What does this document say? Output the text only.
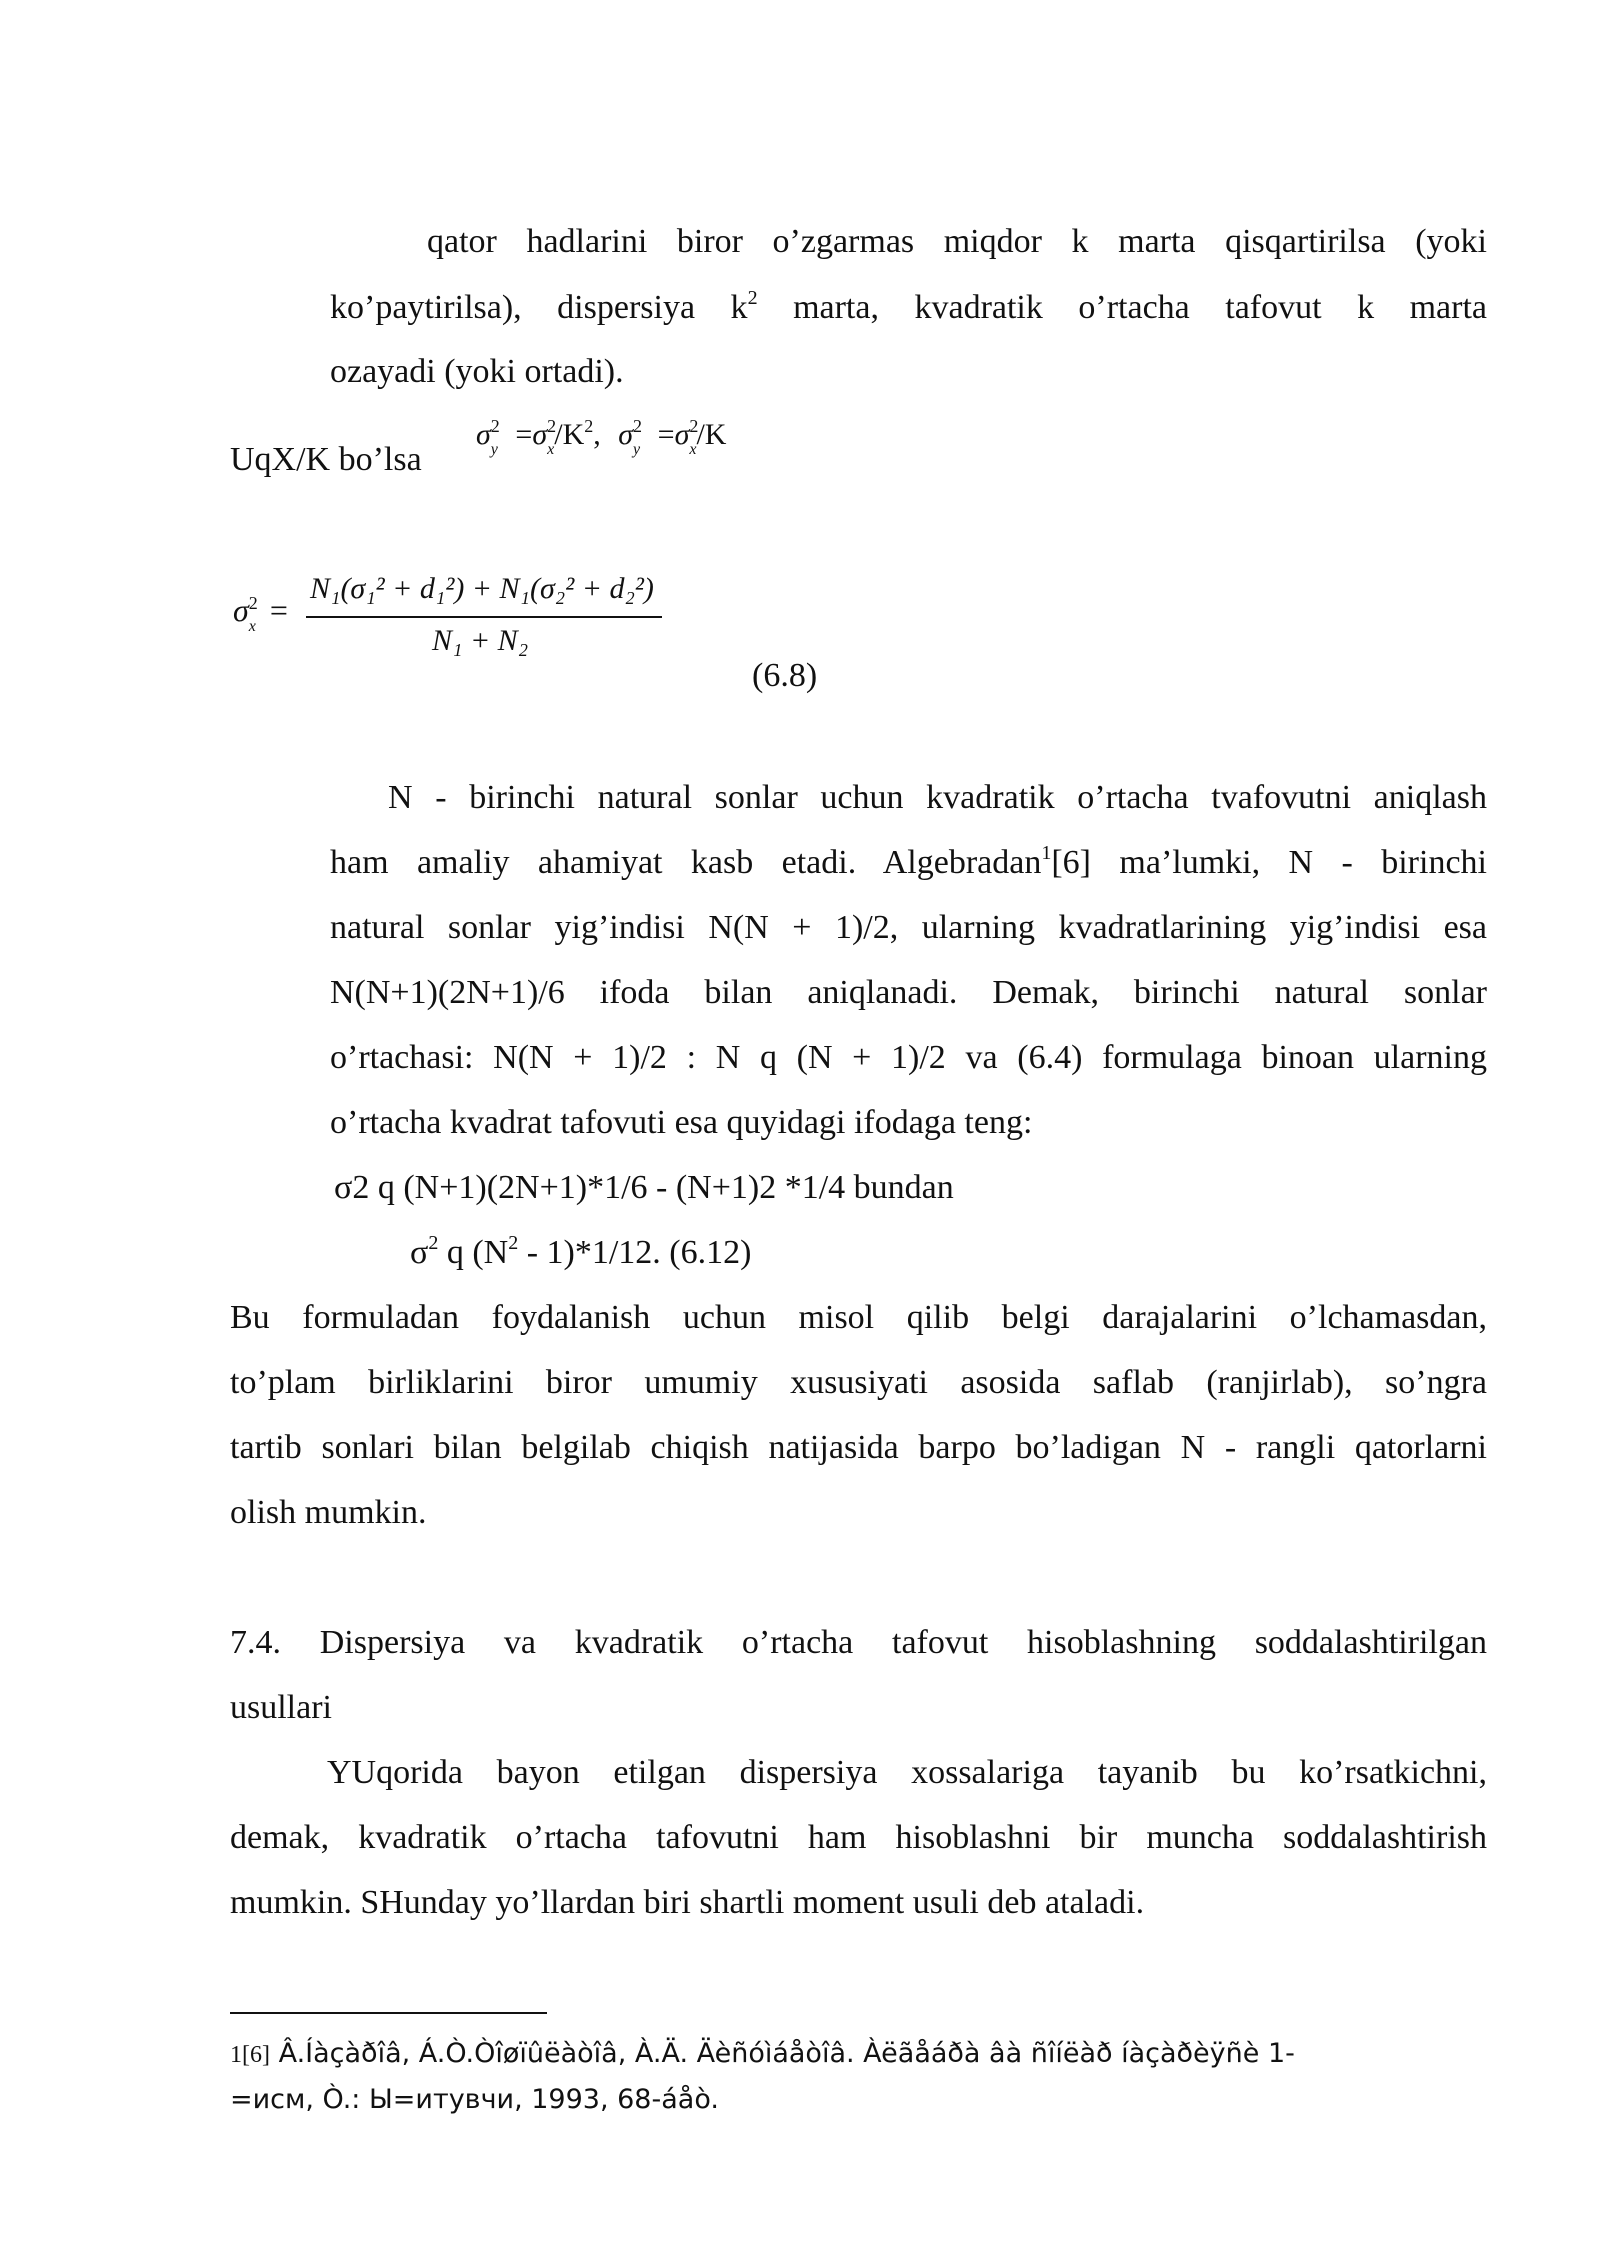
qator hadlarini biror o’zgarmas miqdor k marta qisqartirilsa (yoki
ko’paytirilsa), dispersiya $k^2$ marta, kvadratik o’rtacha tafovut k marta
ozayadi (yoki ortadi).
UqX/K bo’lsa
$\sigma^2_y =\sigma^2_x/K^2$, $\sigma^2_y =\sigma^2_x/K$
$\sigma^2_x$ =
N₁(σ₁² + d₁²) + N₁(σ₂² + d₂²)
N₁ + N₂
(6.8)
N - birinchi natural sonlar uchun kvadratik o’rtacha tvafovutni aniqlash
ham amaliy ahamiyat kasb etadi. Algebradan$^1$[6] ma’lumki, N - birinchi
natural sonlar yig’indisi N(N + 1)/2, ularning kvadratlarining yig’indisi esa
N(N+1)(2N+1)/6 ifoda bilan aniqlanadi. Demak, birinchi natural sonlar
o’rtachasi: N(N + 1)/2 : N q (N + 1)/2 va (6.4) formulaga binoan ularning
o’rtacha kvadrat tafovuti esa quyidagi ifodaga teng:
σ2 q (N+1)(2N+1)*1/6 - (N+1)2 *1/4 bundan
$\sigma^2$ q $(N^2 - 1)*1/12$. (6.12)
Bu formuladan foydalanish uchun misol qilib belgi darajalarini o’lchamasdan,
to’plam birliklarini biror umumiy xususiyati asosida saflab (ranjirlab), so’ngra
tartib sonlari bilan belgilab chiqish natijasida barpo bo’ladigan N - rangli qatorlarni
olish mumkin.
7.4. Dispersiya va kvadratik o’rtacha tafovut hisoblashning soddalashtirilgan
usullari
YUqorida bayon etilgan dispersiya xossalariga tayanib bu ko’rsatkichni,
demak, kvadratik o’rtacha tafovutni ham hisoblashni bir muncha soddalashtirish
mumkin. SHunday yo’llardan biri shartli moment usuli deb ataladi.
1[6] Â.Íàçàðîâ, Á.Ò.Òîøïûëàòîâ, À.Ä. Äèñóìáåòîâ. Àëãåáðà âà ñîíëàð íàçàðèÿñè 1-
=исм, Ò.: Ы=итувчи, 1993, 68-áåò.
